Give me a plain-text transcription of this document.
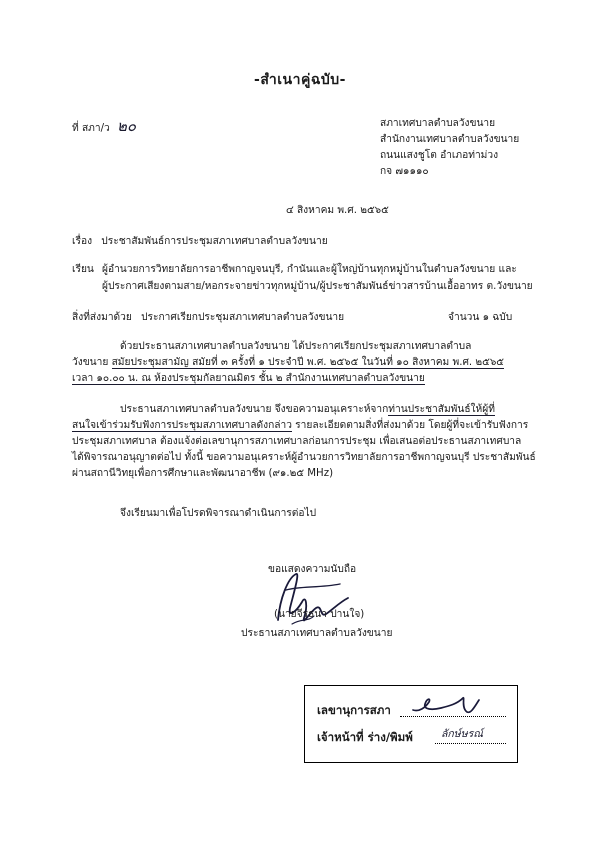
-สำเนาคู่ฉบับ-
ที่ สภา/ว ๒๐	สภาเทศบาลตำบลวังขนาย
สำนักงานเทศบาลตำบลวังขนาย
ถนนแสงชูโต อำเภอท่าม่วง
กจ ๗๑๑๑๐
๔ สิงหาคม พ.ศ. ๒๕๖๕
เรื่อง ประชาสัมพันธ์การประชุมสภาเทศบาลตำบลวังขนาย
เรียน ผู้อำนวยการวิทยาลัยการอาชีพกาญจนบุรี, กำนันและผู้ใหญ่บ้านทุกหมู่บ้านในตำบลวังขนาย และ
ผู้ประกาศเสียงตามสาย/หอกระจายข่าวทุกหมู่บ้าน/ผู้ประชาสัมพันธ์ข่าวสารบ้านเอื้ออาทร ต.วังขนาย
สิ่งที่ส่งมาด้วย ประกาศเรียกประชุมสภาเทศบาลตำบลวังขนาย	จำนวน ๑ ฉบับ
ด้วยประธานสภาเทศบาลตำบลวังขนาย ได้ประกาศเรียกประชุมสภาเทศบาลตำบล
วังขนาย สมัยประชุมสามัญ สมัยที่ ๓ ครั้งที่ ๑ ประจำปี พ.ศ. ๒๕๖๕ ในวันที่ ๑๐ สิงหาคม พ.ศ. ๒๕๖๕
เวลา ๑๐.๐๐ น. ณ ห้องประชุมกัลยาณมิตร ชั้น ๒ สำนักงานเทศบาลตำบลวังขนาย
ประธานสภาเทศบาลตำบลวังขนาย จึงขอความอนุเคราะห์จากท่านประชาสัมพันธ์ให้ผู้ที่
สนใจเข้าร่วมรับฟังการประชุมสภาเทศบาลดังกล่าว รายละเอียดตามสิ่งที่ส่งมาด้วย โดยผู้ที่จะเข้ารับฟังการ
ประชุมสภาเทศบาล ต้องแจ้งต่อเลขานุการสภาเทศบาลก่อนการประชุม เพื่อเสนอต่อประธานสภาเทศบาล
ได้พิจารณาอนุญาตต่อไป ทั้งนี้ ขอความอนุเคราะห์ผู้อำนวยการวิทยาลัยการอาชีพกาญจนบุรี ประชาสัมพันธ์
ผ่านสถานีวิทยุเพื่อการศึกษาและพัฒนาอาชีพ (๙๑.๒๕ MHz)
จึงเรียนมาเพื่อโปรดพิจารณาดำเนินการต่อไป
ขอแสดงความนับถือ
(นายจีรธนา ปานใจ)
ประธานสภาเทศบาลตำบลวังขนาย
เลขานุการสภา
เจ้าหน้าที่ ร่าง/พิมพ์	ลักษ์ษรณ์
